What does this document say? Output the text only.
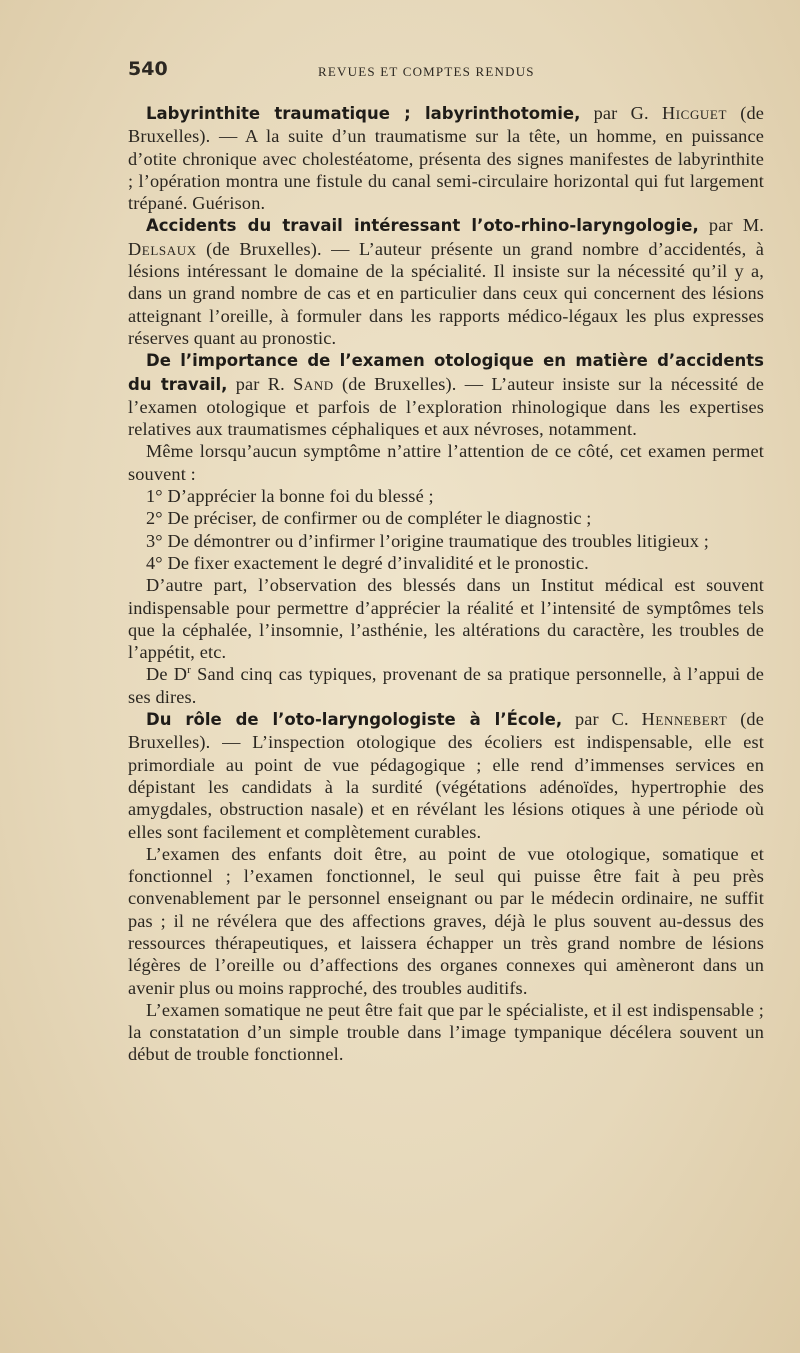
540	REVUES ET COMPTES RENDUS

Labyrinthite traumatique ; labyrinthotomie, par G. Hicguet (de Bruxelles). — A la suite d’un traumatisme sur la tête, un homme, en puissance d’otite chronique avec cholestéatome, présenta des signes manifestes de labyrinthite ; l’opération montra une fistule du canal semi-circulaire horizontal qui fut largement trépané. Guérison.

Accidents du travail intéressant l’oto-rhino-laryngologie, par M. Delsaux (de Bruxelles). — L’auteur présente un grand nombre d’accidentés, à lésions intéressant le domaine de la spécialité. Il insiste sur la nécessité qu’il y a, dans un grand nombre de cas et en particulier dans ceux qui concernent des lésions atteignant l’oreille, à formuler dans les rapports médico-légaux les plus expresses réserves quant au pronostic.

De l’importance de l’examen otologique en matière d’accidents du travail, par R. Sand (de Bruxelles). — L’auteur insiste sur la nécessité de l’examen otologique et parfois de l’exploration rhinologique dans les expertises relatives aux traumatismes céphaliques et aux névroses, notamment.

Même lorsqu’aucun symptôme n’attire l’attention de ce côté, cet examen permet souvent :

1° D’apprécier la bonne foi du blessé ;

2° De préciser, de confirmer ou de compléter le diagnostic ;

3° De démontrer ou d’infirmer l’origine traumatique des troubles litigieux ;

4° De fixer exactement le degré d’invalidité et le pronostic.

D’autre part, l’observation des blessés dans un Institut médical est souvent indispensable pour permettre d’apprécier la réalité et l’intensité de symptômes tels que la céphalée, l’insomnie, l’asthénie, les altérations du caractère, les troubles de l’appétit, etc.

De $D^r$ Sand cinq cas typiques, provenant de sa pratique personnelle, à l’appui de ses dires.

Du rôle de l’oto-laryngologiste à l’École, par C. Hennebert (de Bruxelles). — L’inspection otologique des écoliers est indispensable, elle est primordiale au point de vue pédagogique ; elle rend d’immenses services en dépistant les candidats à la surdité (végétations adénoïdes, hypertrophie des amygdales, obstruction nasale) et en révélant les lésions otiques à une période où elles sont facilement et complètement curables.

L’examen des enfants doit être, au point de vue otologique, somatique et fonctionnel ; l’examen fonctionnel, le seul qui puisse être fait à peu près convenablement par le personnel enseignant ou par le médecin ordinaire, ne suffit pas ; il ne révélera que des affections graves, déjà le plus souvent au-dessus des ressources thérapeutiques, et laissera échapper un très grand nombre de lésions légères de l’oreille ou d’affections des organes connexes qui amèneront dans un avenir plus ou moins rapproché, des troubles auditifs.

L’examen somatique ne peut être fait que par le spécialiste, et il est indispensable ; la constatation d’un simple trouble dans l’image tympanique décélera souvent un début de trouble fonctionnel.
